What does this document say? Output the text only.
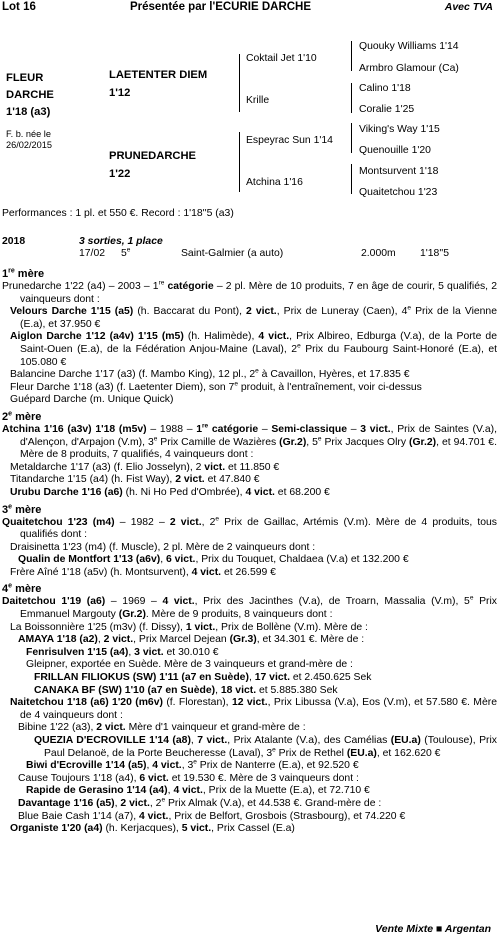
Lot 16	Présentée par l'ECURIE DARCHE	Avec TVA
FLEUR
DARCHE
1'18 (a3)
F. b. née le
26/02/2015
LAETENTER DIEM
1'12
PRUNEDARCHE
1'22
Coktail Jet 1'10
Krille
Espeyrac Sun 1'14
Atchina 1'16
Quouky Williams 1'14
Armbro Glamour (Ca)
Calino 1'18
Coralie 1'25
Viking's Way 1'15
Quenouille 1'20
Montsurvent 1'18
Quaitetchou 1'23
Performances : 1 pl. et 550 €. Record : 1'18''5 (a3)
2018	3 sorties, 1 place
17/02 5e	Saint-Galmier (a auto)	2.000m 1'18''5
1re mère
Prunedarche 1'22 (a4) – 2003 – 1re catégorie – 2 pl. Mère de 10 produits, 7 en âge de courir, 5 qualifiés, 2 vainqueurs dont :
Velours Darche 1'15 (a5) (h. Baccarat du Pont), 2 vict., Prix de Luneray (Caen), 4e Prix de la Vienne (E.a), et 37.950 €
Aiglon Darche 1'12 (a4v) 1'15 (m5) (h. Halimède), 4 vict., Prix Albireo, Edburga (V.a), de la Porte de Saint-Ouen (E.a), de la Fédération Anjou-Maine (Laval), 2e Prix du Faubourg Saint-Honoré (E.a), et 105.080 €
Balancine Darche 1'17 (a3) (f. Mambo King), 12 pl., 2e à Cavaillon, Hyères, et 17.835 €
Fleur Darche 1'18 (a3) (f. Laetenter Diem), son 7e produit, à l'entraînement, voir ci-dessus
Guépard Darche (m. Unique Quick)
2e mère
Atchina 1'16 (a3v) 1'18 (m5v) – 1988 – 1re catégorie – Semi-classique – 3 vict., Prix de Saintes (V.a), d'Alençon, d'Arpajon (V.m), 3e Prix Camille de Wazières (Gr.2), 5e Prix Jacques Olry (Gr.2), et 94.701 €. Mère de 8 produits, 7 qualifiés, 4 vainqueurs dont :
Metaldarche 1'17 (a3) (f. Elio Josselyn), 2 vict. et 11.850 €
Titandarche 1'15 (a4) (h. Fist Way), 2 vict. et 47.840 €
Urubu Darche 1'16 (a6) (h. Ni Ho Ped d'Ombrée), 4 vict. et 68.200 €
3e mère
Quaitetchou 1'23 (m4) – 1982 – 2 vict., 2e Prix de Gaillac, Artémis (V.m). Mère de 4 produits, tous qualifiés dont :
Draisinetta 1'23 (m4) (f. Muscle), 2 pl. Mère de 2 vainqueurs dont :
Qualin de Montfort 1'13 (a6v), 6 vict., Prix du Touquet, Chaldaea (V.a) et 132.200 €
Frère Aîné 1'18 (a5v) (h. Montsurvent), 4 vict. et 26.599 €
4e mère
Daitetchou 1'19 (a6) – 1969 – 4 vict., Prix des Jacinthes (V.a), de Troarn, Massalia (V.m), 5e Prix Emmanuel Margouty (Gr.2). Mère de 9 produits, 8 vainqueurs dont :
La Boissonnière 1'25 (m3v) (f. Dissy), 1 vict., Prix de Bollène (V.m). Mère de :
AMAYA 1'18 (a2), 2 vict., Prix Marcel Dejean (Gr.3), et 34.301 €. Mère de :
Fenrisulven 1'15 (a4), 3 vict. et 30.010 €
Gleipner, exportée en Suède. Mère de 3 vainqueurs et grand-mère de :
FRILLAN FILIOKUS (SW) 1'11 (a7 en Suède), 17 vict. et 2.450.625 Sek
CANAKA BF (SW) 1'10 (a7 en Suède), 18 vict. et 5.885.380 Sek
Naitetchou 1'18 (a6) 1'20 (m6v) (f. Florestan), 12 vict., Prix Libussa (V.a), Eos (V.m), et 57.580 €. Mère de 4 vainqueurs dont :
Bibine 1'22 (a3), 2 vict. Mère d'1 vainqueur et grand-mère de :
QUEZIA D'ECROVILLE 1'14 (a8), 7 vict., Prix Atalante (V.a), des Camélias (EU.a) (Toulouse), Prix Paul Delanoë, de la Porte Beucheresse (Laval), 3e Prix de Rethel (EU.a), et 162.620 €
Biwi d'Ecroville 1'14 (a5), 4 vict., 3e Prix de Nanterre (E.a), et 92.520 €
Cause Toujours 1'18 (a4), 6 vict. et 19.530 €. Mère de 3 vainqueurs dont :
Rapide de Gerasino 1'14 (a4), 4 vict., Prix de la Muette (E.a), et 72.710 €
Davantage 1'16 (a5), 2 vict., 2e Prix Almak (V.a), et 44.538 €. Grand-mère de :
Blue Baie Cash 1'14 (a7), 4 vict., Prix de Belfort, Grosbois (Strasbourg), et 74.220 €
Organiste 1'20 (a4) (h. Kerjacques), 5 vict., Prix Cassel (E.a)
Vente Mixte ■ Argentan
